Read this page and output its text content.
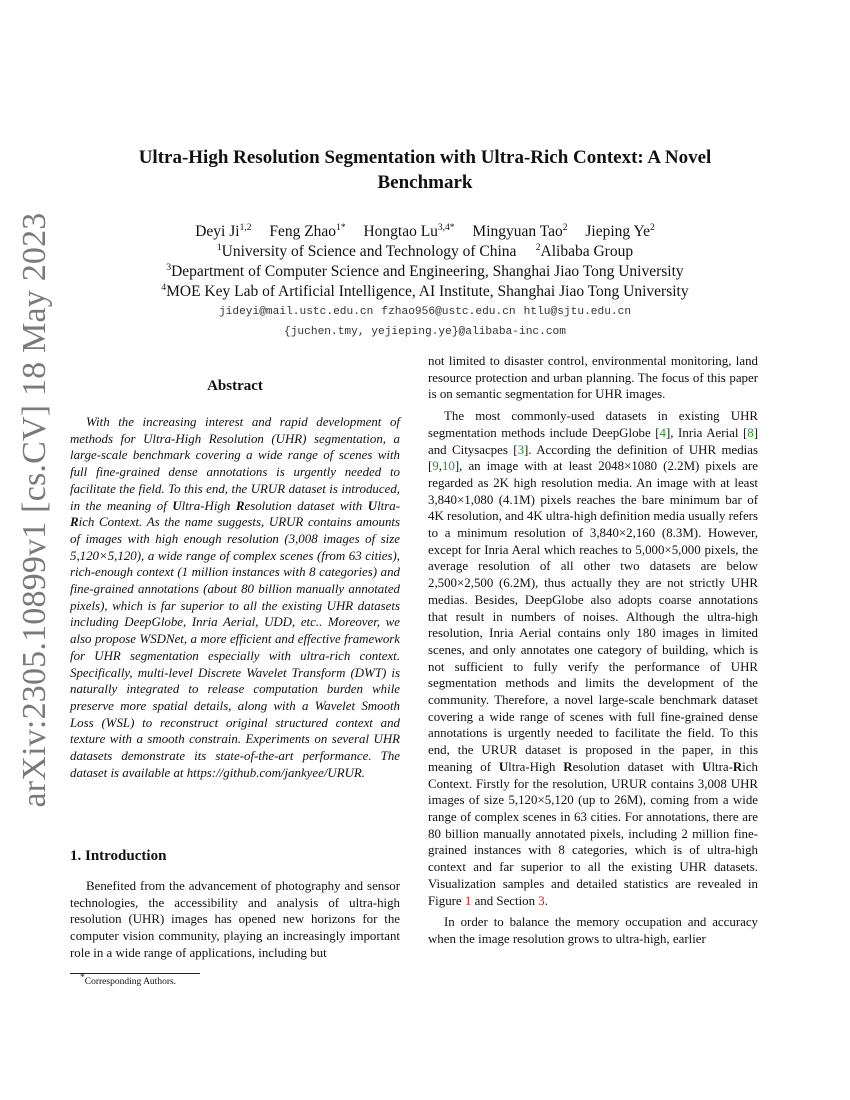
arXiv:2305.10899v1 [cs.CV] 18 May 2023
Ultra-High Resolution Segmentation with Ultra-Rich Context: A Novel Benchmark
Deyi Ji$^{1,2}$ Feng Zhao$^{1*}$ Hongtao $Lu^{3,4*}$ Mingyuan Tao$^2$ Jieping Ye$^2$
$^1$University of Science and Technology of China $^2$Alibaba Group
$^3$Department of Computer Science and Engineering, Shanghai Jiao Tong University
$^4$MOE Key Lab of Artificial Intelligence, AI Institute, Shanghai Jiao Tong University
jideyi@mail.ustc.edu.cn fzhao956@ustc.edu.cn htlu@sjtu.edu.cn
{juchen.tmy, yejieping.ye}@alibaba-inc.com
Abstract

With the increasing interest and rapid development of methods for Ultra-High Resolution (UHR) segmentation, a large-scale benchmark covering a wide range of scenes with full fine-grained dense annotations is urgently needed to facilitate the field. To this end, the URUR dataset is introduced, in the meaning of Ultra-High Resolution dataset with Ultra-Rich Context. As the name suggests, URUR contains amounts of images with high enough resolution (3,008 images of size 5,120×5,120), a wide range of complex scenes (from 63 cities), rich-enough context (1 million instances with 8 categories) and fine-grained annotations (about 80 billion manually annotated pixels), which is far superior to all the existing UHR datasets including DeepGlobe, Inria Aerial, UDD, etc.. Moreover, we also propose WSDNet, a more efficient and effective framework for UHR segmentation especially with ultra-rich context. Specifically, multi-level Discrete Wavelet Transform (DWT) is naturally integrated to release computation burden while preserve more spatial details, along with a Wavelet Smooth Loss (WSL) to reconstruct original structured context and texture with a smooth constrain. Experiments on several UHR datasets demonstrate its state-of-the-art performance. The dataset is available at https://github.com/jankyee/URUR.

1. Introduction

Benefited from the advancement of photography and sensor technologies, the accessibility and analysis of ultra-high resolution (UHR) images has opened new horizons for the computer vision community, playing an increasingly important role in a wide range of applications, including but

not limited to disaster control, environmental monitoring, land resource protection and urban planning. The focus of this paper is on semantic segmentation for UHR images.

The most commonly-used datasets in existing UHR segmentation methods include DeepGlobe [4], Inria Aerial [8] and Citysacpes [3]. According the definition of UHR medias [9,10], an image with at least 2048×1080 (2.2M) pixels are regarded as 2K high resolution media. An image with at least 3,840×1,080 (4.1M) pixels reaches the bare minimum bar of 4K resolution, and 4K ultra-high definition media usually refers to a minimum resolution of 3,840×2,160 (8.3M). However, except for Inria Aeral which reaches to 5,000×5,000 pixels, the average resolution of all other two datasets are below 2,500×2,500 (6.2M), thus actually they are not strictly UHR medias. Besides, DeepGlobe also adopts coarse annotations that result in numbers of noises. Although the ultra-high resolution, Inria Aerial contains only 180 images in limited scenes, and only annotates one category of building, which is not sufficient to fully verify the performance of UHR segmentation methods and limits the development of the community. Therefore, a novel large-scale benchmark dataset covering a wide range of scenes with full fine-grained dense annotations is urgently needed to facilitate the field. To this end, the URUR dataset is proposed in the paper, in this meaning of Ultra-High Resolution dataset with Ultra-Rich Context. Firstly for the resolution, URUR contains 3,008 UHR images of size 5,120×5,120 (up to 26M), coming from a wide range of complex scenes in 63 cities. For annotations, there are 80 billion manually annotated pixels, including 2 million fine-grained instances with 8 categories, which is of ultra-high context and far superior to all the existing UHR datasets. Visualization samples and detailed statistics are revealed in Figure 1 and Section 3.

In order to balance the memory occupation and accuracy when the image resolution grows to ultra-high, earlier

*Corresponding Authors.
